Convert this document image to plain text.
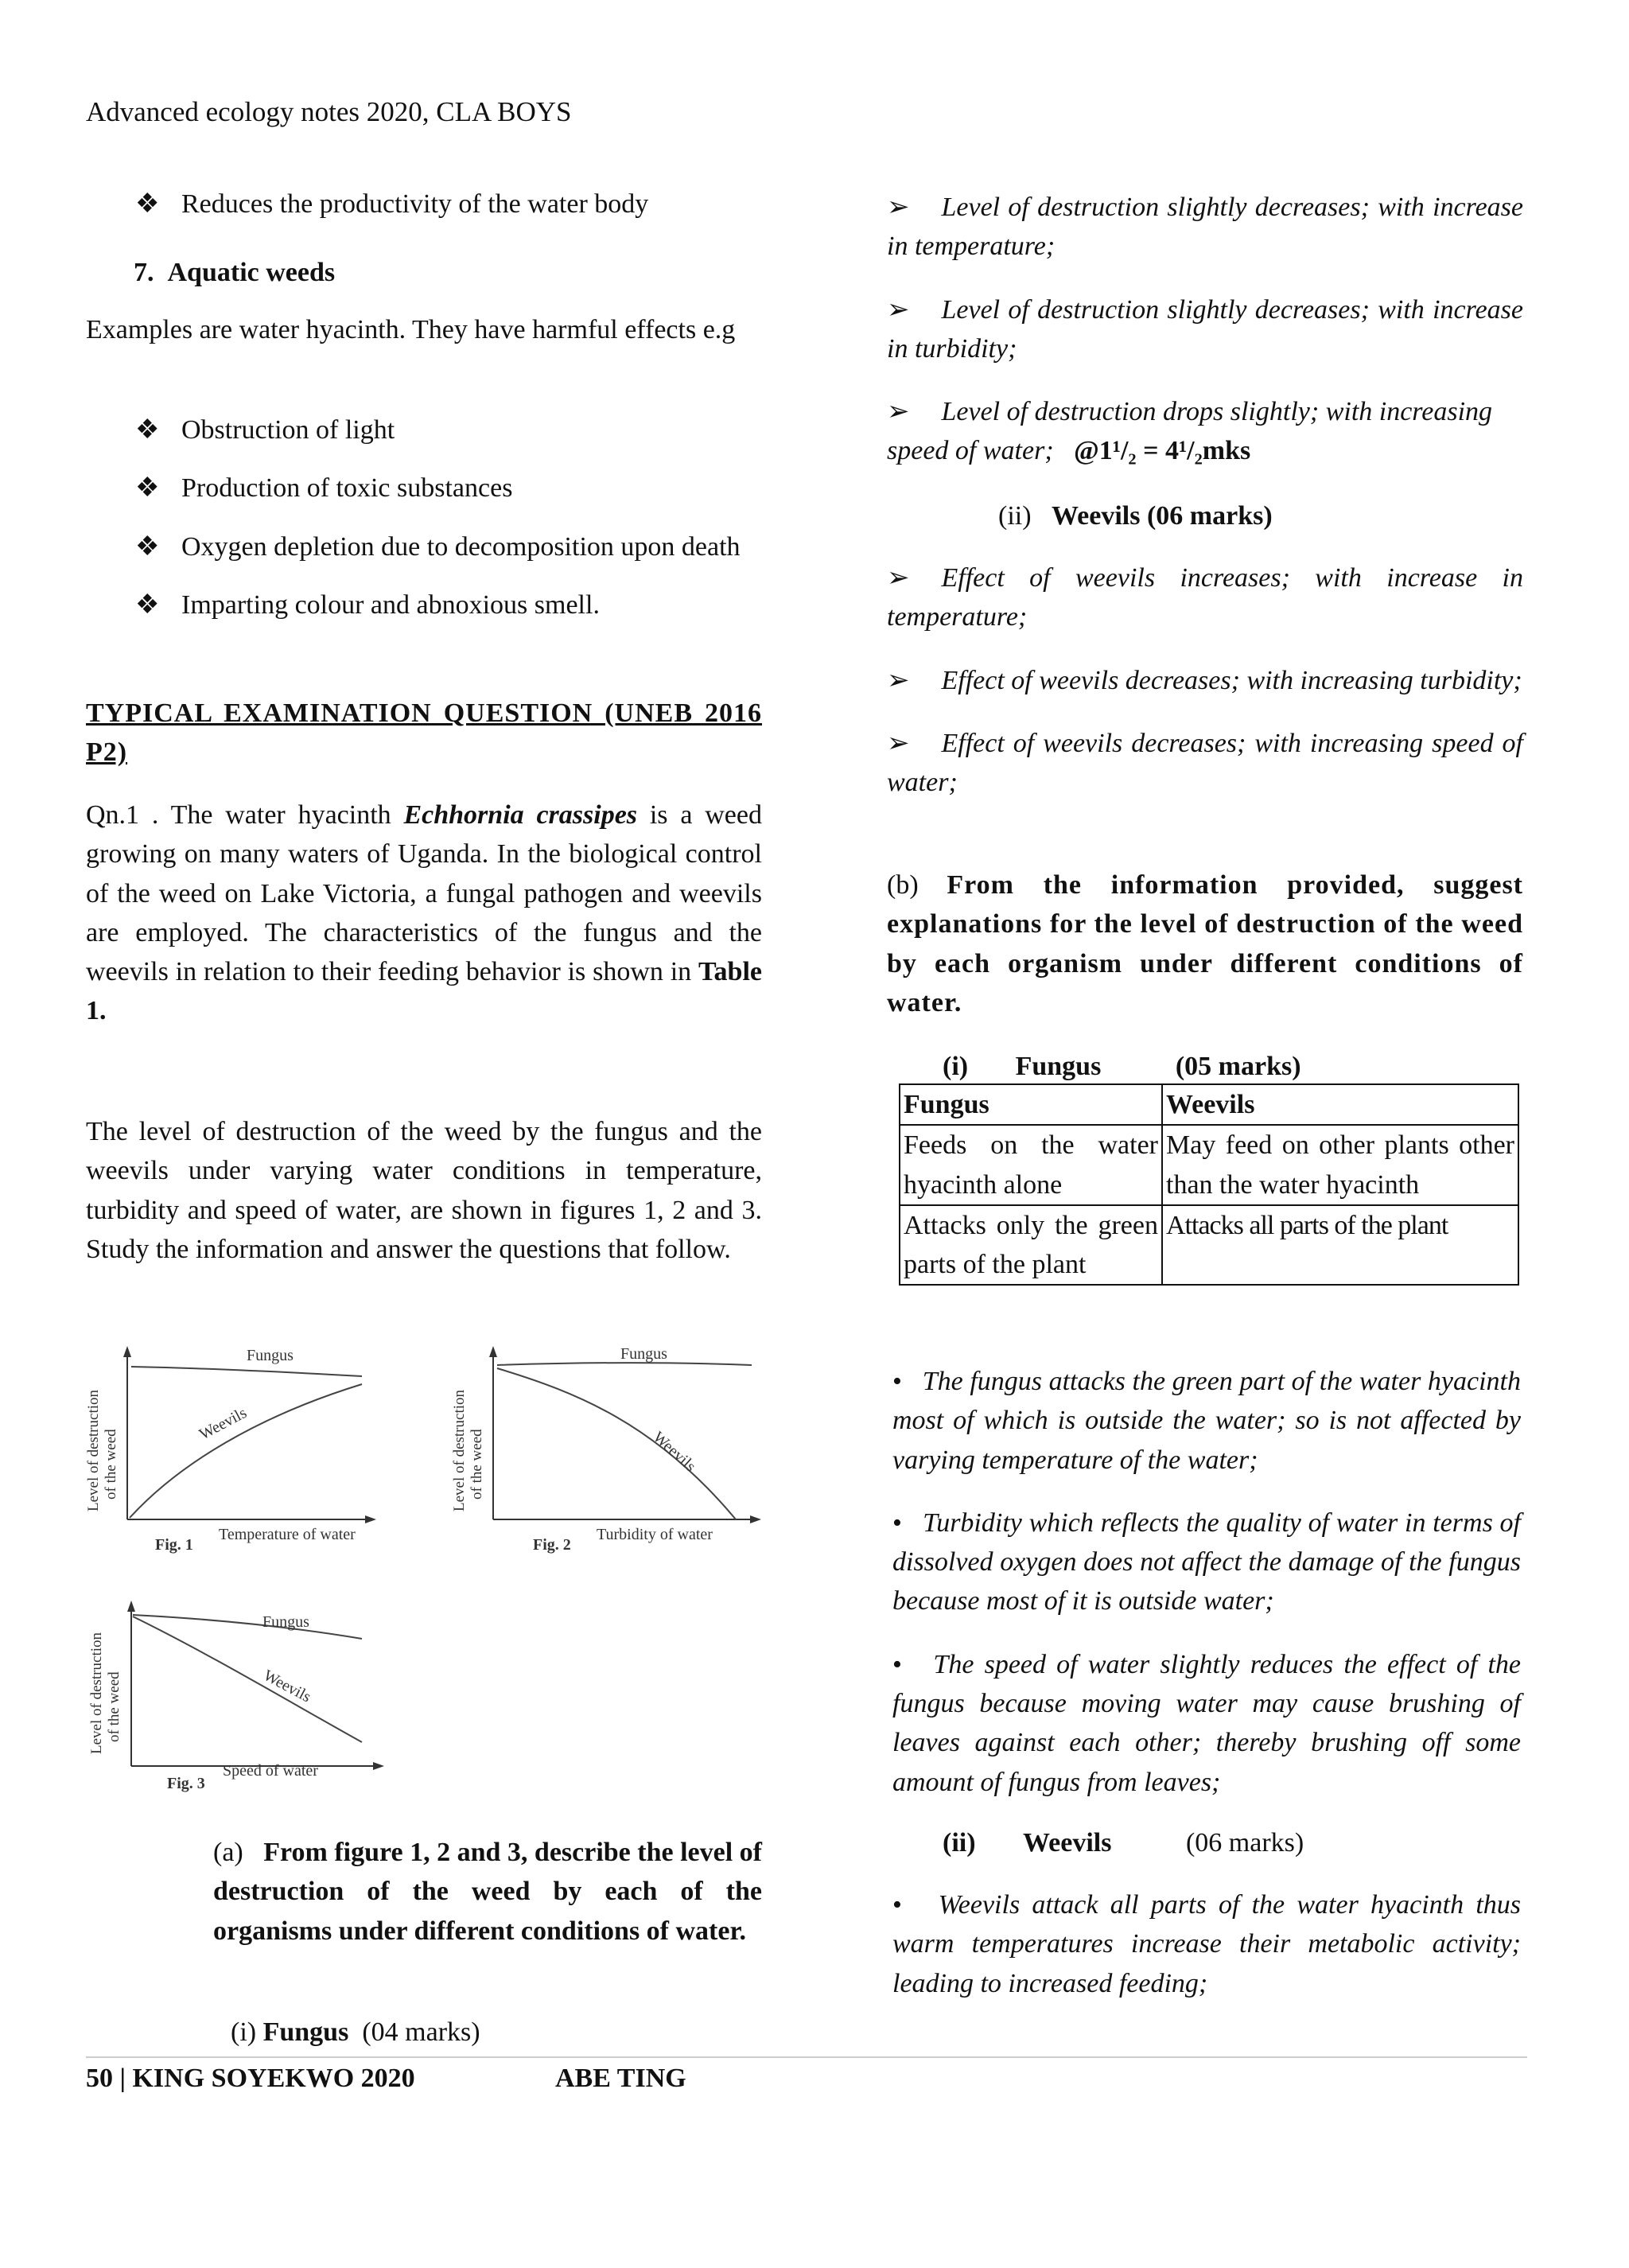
Advanced ecology notes 2020, CLA BOYS

❖ Reduces the productivity of the water body

7. Aquatic weeds

Examples are water hyacinth. They have harmful effects e.g

❖ Obstruction of light

❖ Production of toxic substances

❖ Oxygen depletion due to decomposition upon death

❖ Imparting colour and abnoxious smell.

TYPICAL EXAMINATION QUESTION (UNEB 2016 P2)

Qn.1 . The water hyacinth Echhornia crassipes is a weed growing on many waters of Uganda. In the biological control of the weed on Lake Victoria, a fungal pathogen and weevils are employed. The characteristics of the fungus and the weevils in relation to their feeding behavior is shown in Table 1.

The level of destruction of the weed by the fungus and the weevils under varying water conditions in temperature, turbidity and speed of water, are shown in figures 1, 2 and 3. Study the information and answer the questions that follow.

Fungus
Weevils
Level of destruction of the weed
Temperature of water
Fig. 1
Fungus
Weevils
Level of destruction of the weed
Turbidity of water
Fig. 2
Fungus
Weevils
Level of destruction of the weed
Speed of water
Fig. 3

(a) From figure 1, 2 and 3, describe the level of destruction of the weed by each of the organisms under different conditions of water.

(i) Fungus (04 marks)

➢ Level of destruction slightly decreases; with increase in temperature;

➢ Level of destruction slightly decreases; with increase in turbidity;

➢ Level of destruction drops slightly; with increasing speed of water;   @1¹/₂ = 4¹/₂mks

(ii) Weevils (06 marks)

➢ Effect of weevils increases; with increase in temperature;

➢ Effect of weevils decreases; with increasing turbidity;

➢ Effect of weevils decreases; with increasing speed of water;

(b) From the information provided, suggest explanations for the level of destruction of the weed by each organism under different conditions of water.

(i) Fungus	(05 marks)

Fungus	Weevils
Feeds on the water hyacinth alone	May feed on other plants other than the water hyacinth
Attacks only the green parts of the plant	Attacks all parts of the plant

•   The fungus attacks the green part of the water hyacinth most of which is outside the water; so is not affected by varying temperature of the water;

•   Turbidity which reflects the quality of water in terms of dissolved oxygen does not affect the damage of the fungus because most of it is outside water;

•   The speed of water slightly reduces the effect of the fungus because moving water may cause brushing of leaves against each other; thereby brushing off some amount of fungus from leaves;

(ii) Weevils	(06 marks)

•   Weevils attack all parts of the water hyacinth thus warm temperatures increase their metabolic activity; leading to increased feeding;

50 | KING SOYEKWO 2020	ABE TING
